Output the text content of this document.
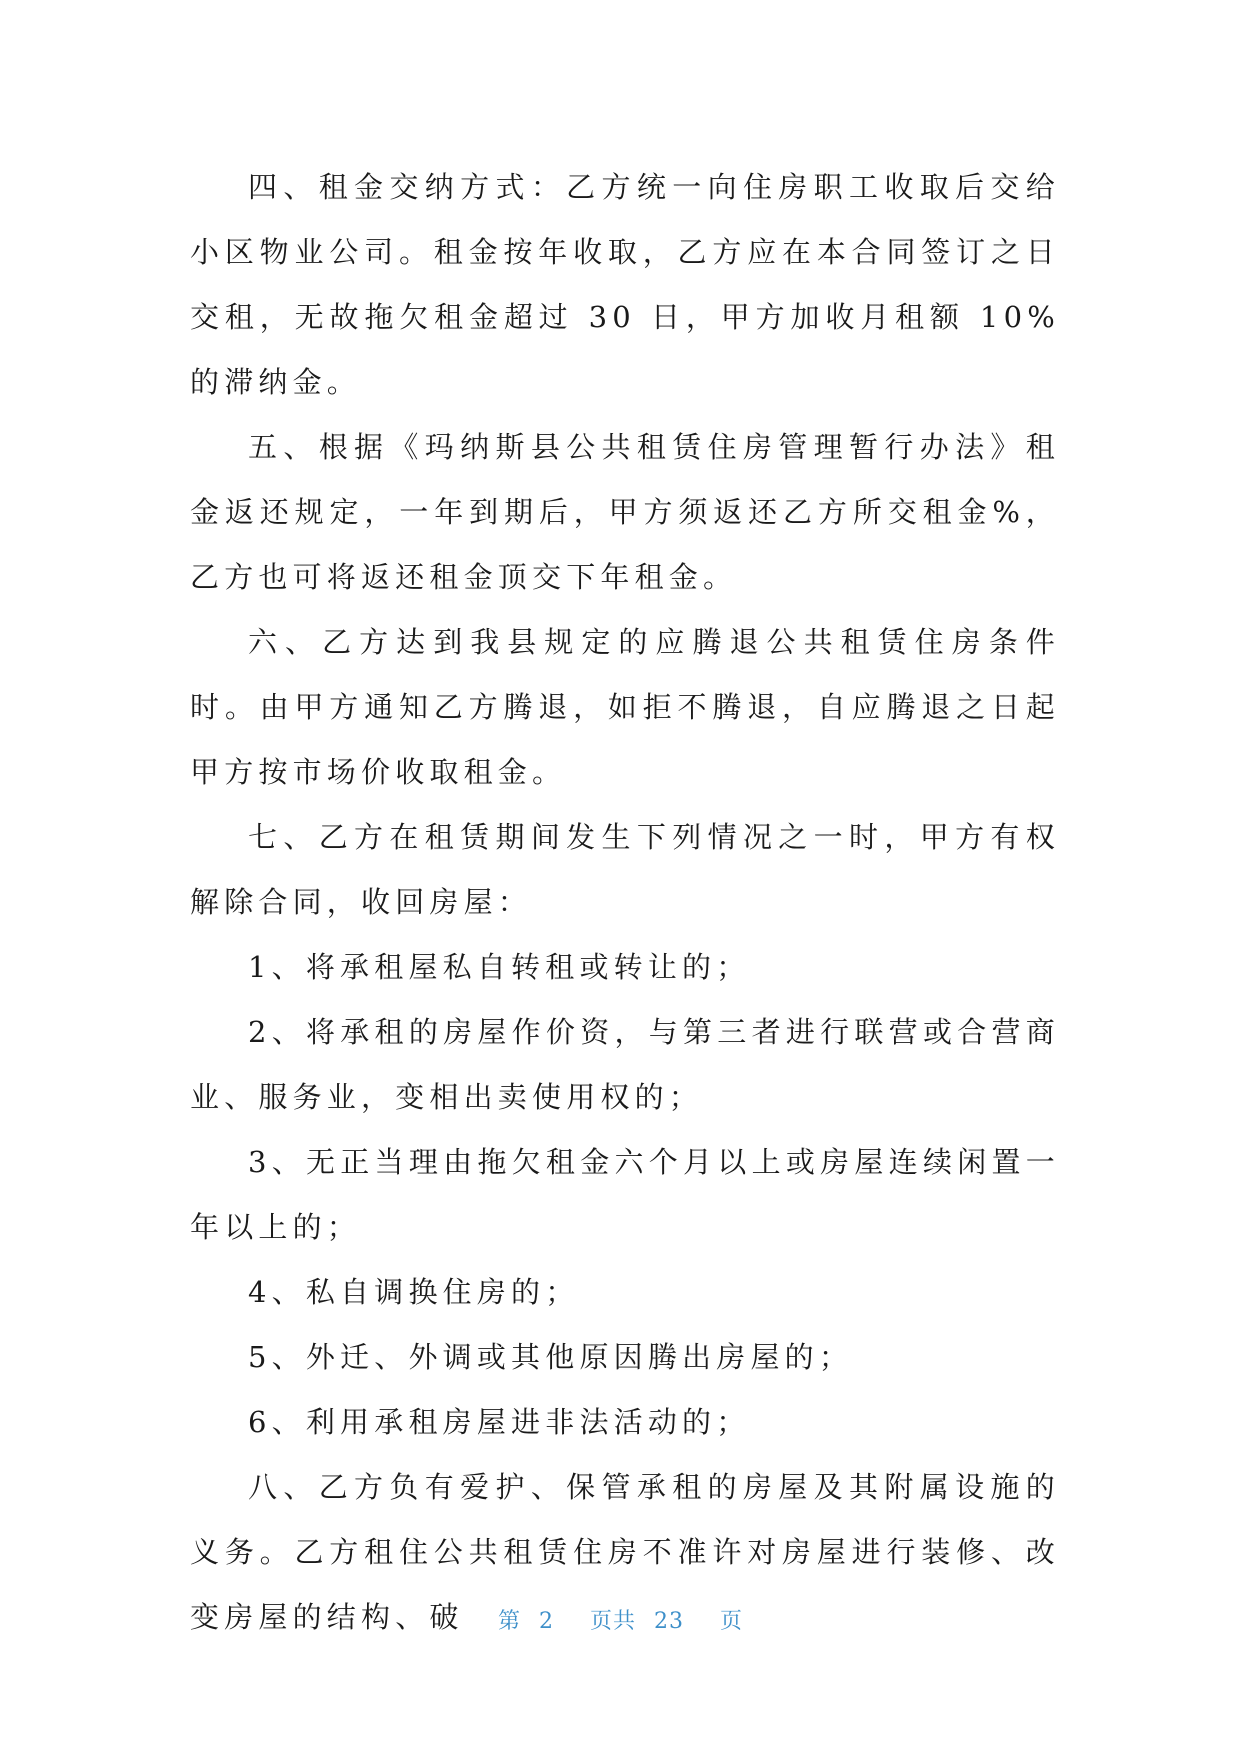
四、租金交纳方式：乙方统一向住房职工收取后交给小区物业公司。租金按年收取，乙方应在本合同签订之日交租，无故拖欠租金超过 30 日，甲方加收月租额 10%的滞纳金。

五、根据《玛纳斯县公共租赁住房管理暂行办法》租金返还规定，一年到期后，甲方须返还乙方所交租金%，乙方也可将返还租金顶交下年租金。

六、乙方达到我县规定的应腾退公共租赁住房条件时。由甲方通知乙方腾退，如拒不腾退，自应腾退之日起甲方按市场价收取租金。

七、乙方在租赁期间发生下列情况之一时，甲方有权解除合同，收回房屋：

1、将承租屋私自转租或转让的；

2、将承租的房屋作价资，与第三者进行联营或合营商业、服务业，变相出卖使用权的；

3、无正当理由拖欠租金六个月以上或房屋连续闲置一年以上的；

4、私自调换住房的；

5、外迁、外调或其他原因腾出房屋的；

6、利用承租房屋进非法活动的；

八、乙方负有爱护、保管承租的房屋及其附属设施的义务。乙方租住公共租赁住房不准许对房屋进行装修、改变房屋的结构、破	第 2 页共 23 页
